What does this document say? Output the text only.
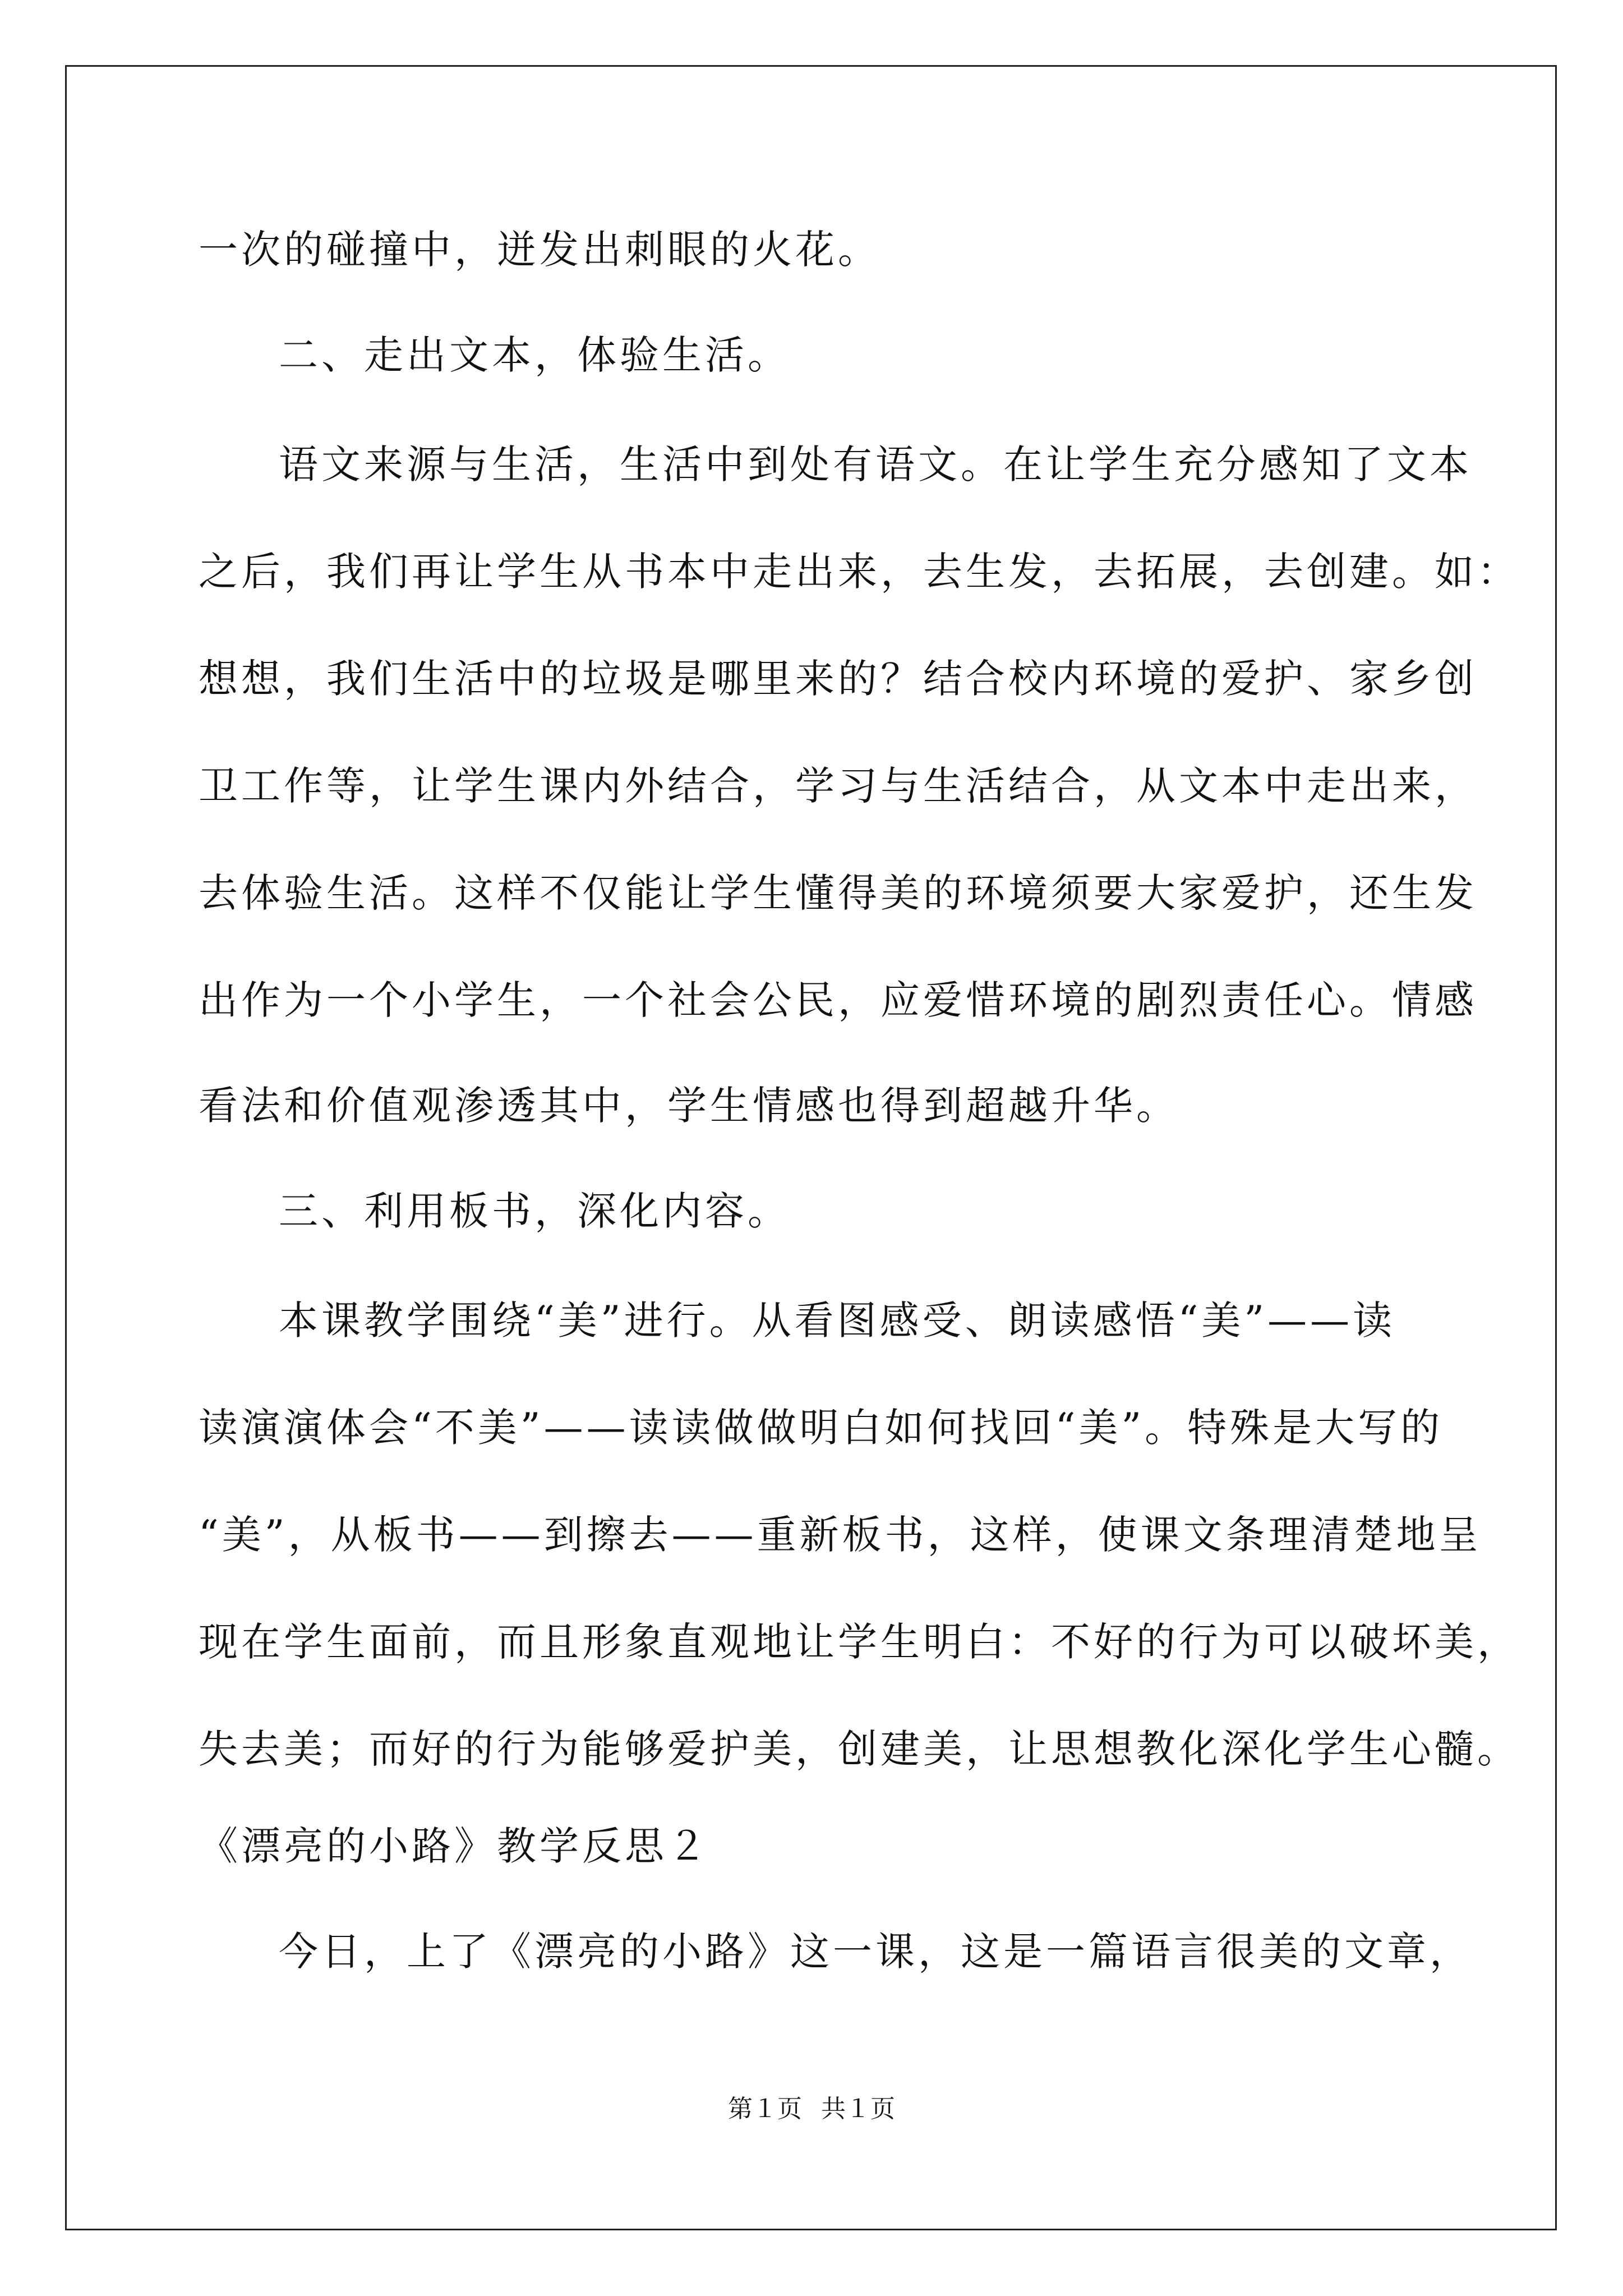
一次的碰撞中，迸发出刺眼的火花。
二、走出文本，体验生活。
语文来源与生活，生活中到处有语文。在让学生充分感知了文本
之后，我们再让学生从书本中走出来，去生发，去拓展，去创建。如：
想想，我们生活中的垃圾是哪里来的？结合校内环境的爱护、家乡创
卫工作等，让学生课内外结合，学习与生活结合，从文本中走出来，
去体验生活。这样不仅能让学生懂得美的环境须要大家爱护，还生发
出作为一个小学生，一个社会公民，应爱惜环境的剧烈责任心。情感
看法和价值观渗透其中，学生情感也得到超越升华。
三、利用板书，深化内容。
本课教学围绕“美”进行。从看图感受、朗读感悟“美”——读
读演演体会“不美”——读读做做明白如何找回“美”。特殊是大写的
“美”，从板书——到擦去——重新板书，这样，使课文条理清楚地呈
现在学生面前，而且形象直观地让学生明白：不好的行为可以破坏美，
失去美；而好的行为能够爱护美，创建美，让思想教化深化学生心髓。
《漂亮的小路》教学反思２
今日，上了《漂亮的小路》这一课，这是一篇语言很美的文章，
第１页 共１页
